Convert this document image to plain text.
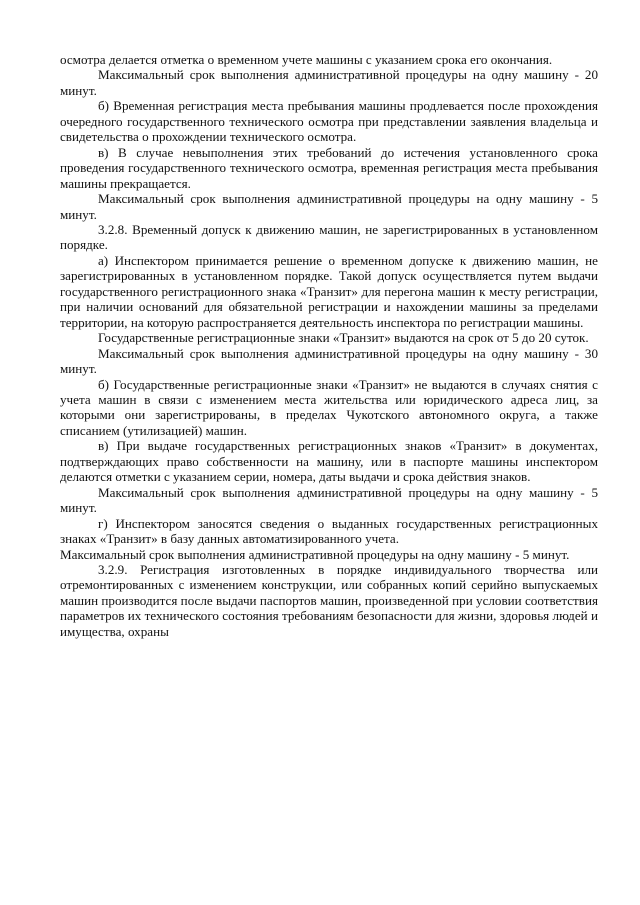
осмотра делается отметка о временном учете машины с указанием срока его окончания.

Максимальный срок выполнения административной процедуры на одну машину - 20 минут.

б) Временная регистрация места пребывания машины продлевается после прохождения очередного государственного технического осмотра при представлении заявления владельца и свидетельства о прохождении технического осмотра.

в) В случае невыполнения этих требований до истечения установленного срока проведения государственного технического осмотра, временная регистрация места пребывания машины прекращается.

Максимальный срок выполнения административной процедуры на одну машину - 5 минут.

3.2.8. Временный допуск к движению машин, не зарегистрированных в установленном порядке.

а) Инспектором принимается решение о временном допуске к движению машин, не зарегистрированных в установленном порядке. Такой допуск осуществляется путем выдачи государственного регистрационного знака «Транзит» для перегона машин к месту регистрации, при наличии оснований для обязательной регистрации и нахождении машины за пределами территории, на которую распространяется деятельность инспектора по регистрации машины.

Государственные регистрационные знаки «Транзит» выдаются на срок от 5 до 20 суток.

Максимальный срок выполнения административной процедуры на одну машину - 30 минут.

б) Государственные регистрационные знаки «Транзит» не выдаются в случаях снятия с учета машин в связи с изменением места жительства или юридического адреса лиц, за которыми они зарегистрированы, в пределах Чукотского автономного округа, а также списанием (утилизацией) машин.

в) При выдаче государственных регистрационных знаков «Транзит» в документах, подтверждающих право собственности на машину, или в паспорте машины инспектором делаются отметки с указанием серии, номера, даты выдачи и срока действия знаков.

Максимальный срок выполнения административной процедуры на одну машину - 5 минут.

г) Инспектором заносятся сведения о выданных государственных регистрационных знаках «Транзит» в базу данных автоматизированного учета.

Максимальный срок выполнения административной процедуры на одну машину - 5 минут.

3.2.9. Регистрация изготовленных в порядке индивидуального творчества или отремонтированных с изменением конструкции, или собранных копий серийно выпускаемых машин производится после выдачи паспортов машин, произведенной при условии соответствия параметров их технического состояния требованиям безопасности для жизни, здоровья людей и имущества, охраны
